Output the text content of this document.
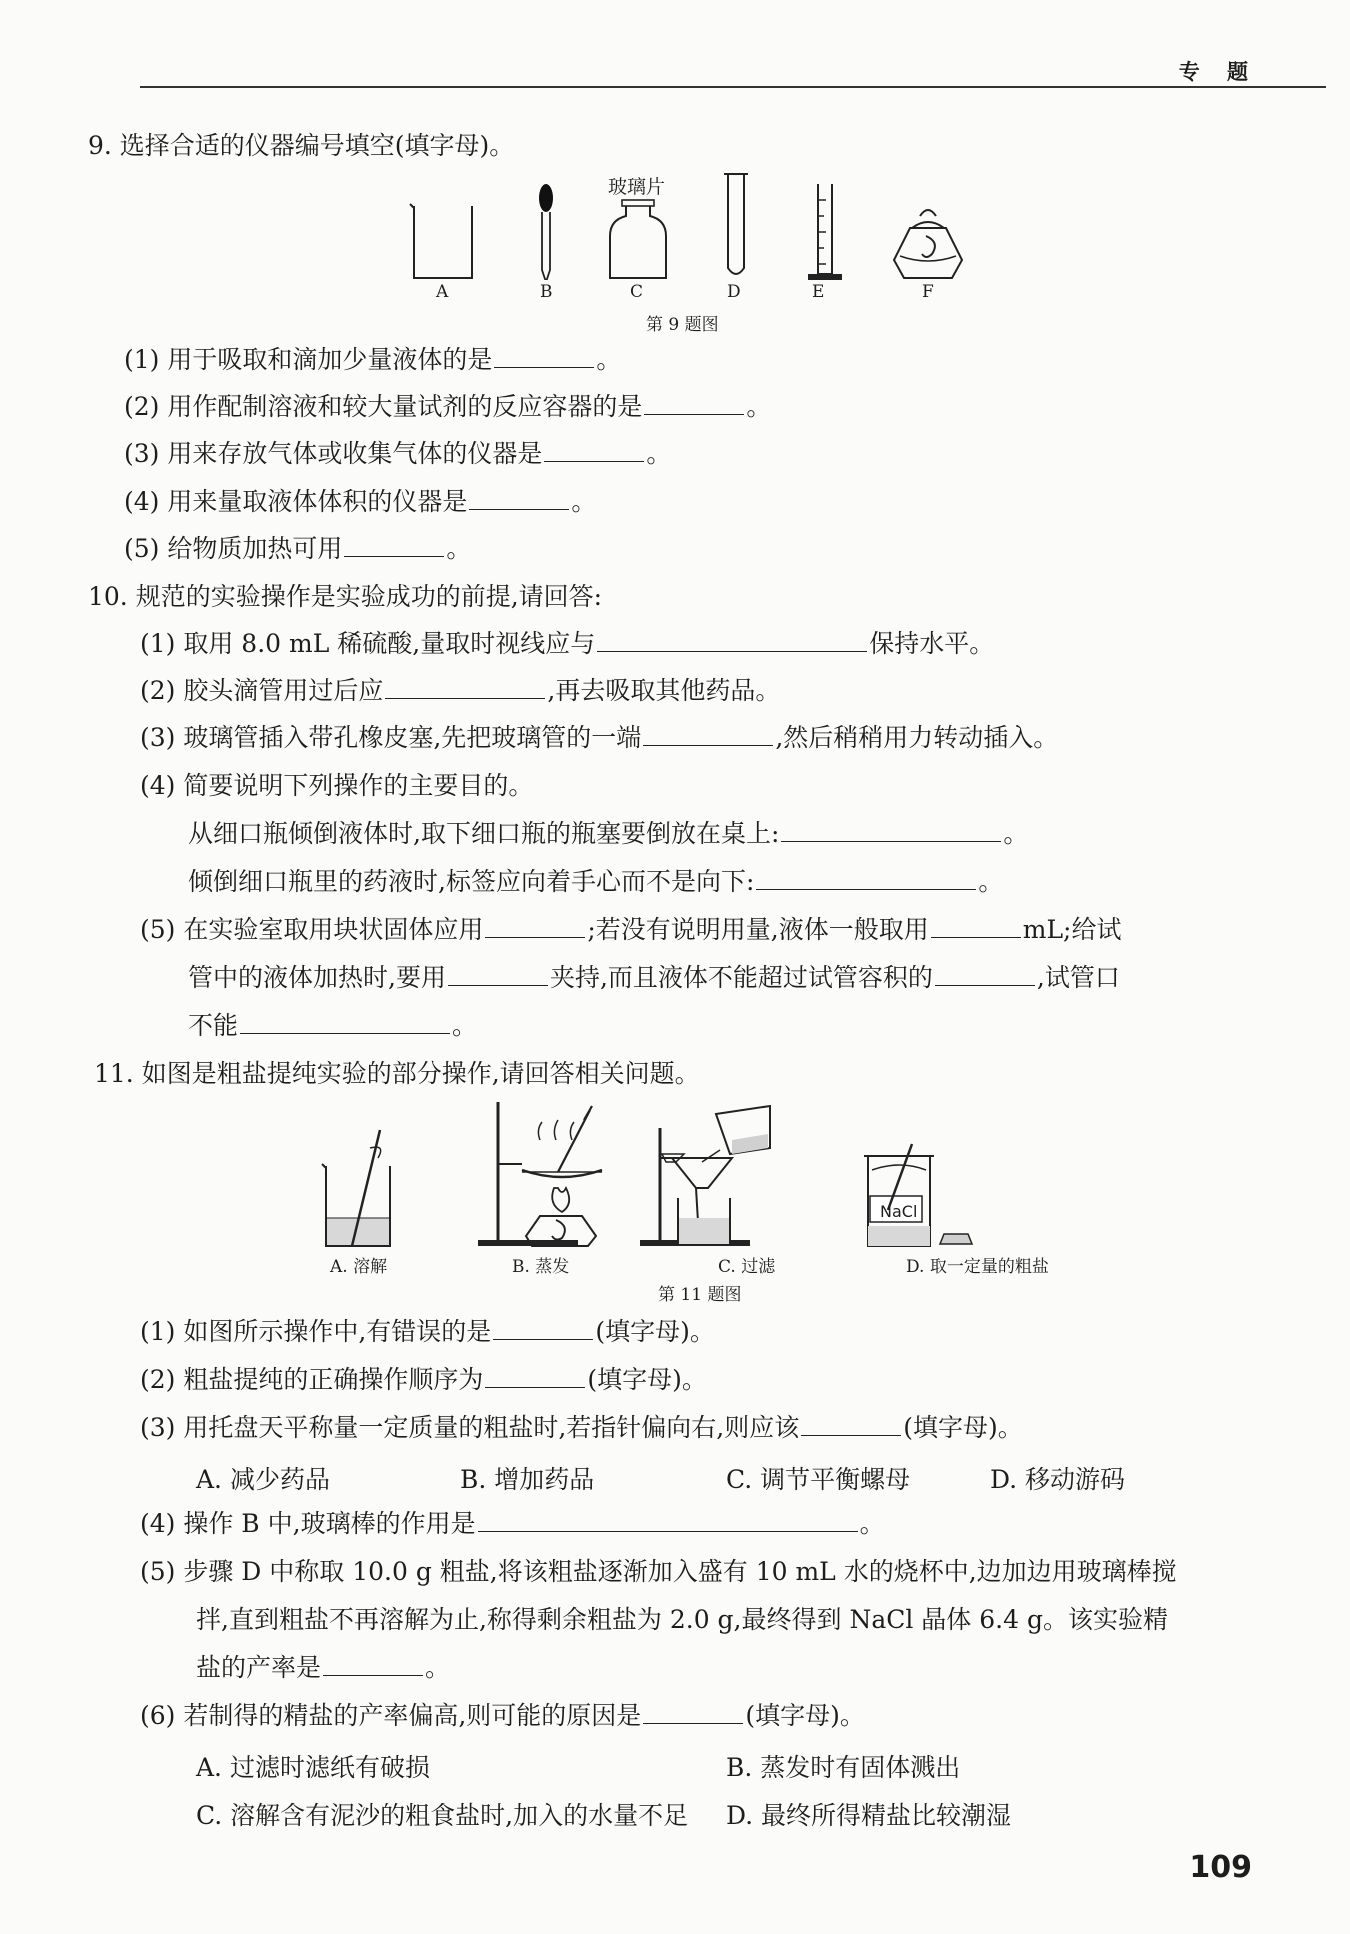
专 题
9. 选择合适的仪器编号填空(填字母)。
玻璃片
A	B	C	D	E	F
第 9 题图
(1) 用于吸取和滴加少量液体的是	。
(2) 用作配制溶液和较大量试剂的反应容器的是	。
(3) 用来存放气体或收集气体的仪器是	。
(4) 用来量取液体体积的仪器是	。
(5) 给物质加热可用	。
10. 规范的实验操作是实验成功的前提,请回答:
(1) 取用 8.0 mL 稀硫酸,量取时视线应与	保持水平。
(2) 胶头滴管用过后应	,再去吸取其他药品。
(3) 玻璃管插入带孔橡皮塞,先把玻璃管的一端	,然后稍稍用力转动插入。
(4) 简要说明下列操作的主要目的。
从细口瓶倾倒液体时,取下细口瓶的瓶塞要倒放在桌上:	。
倾倒细口瓶里的药液时,标签应向着手心而不是向下:	。
(5) 在实验室取用块状固体应用	;若没有说明用量,液体一般取用	mL;给试
管中的液体加热时,要用	夹持,而且液体不能超过试管容积的	,试管口
不能	。
11. 如图是粗盐提纯实验的部分操作,请回答相关问题。
NaCl
A. 溶解	B. 蒸发	C. 过滤	D. 取一定量的粗盐
第 11 题图
(1) 如图所示操作中,有错误的是	(填字母)。
(2) 粗盐提纯的正确操作顺序为	(填字母)。
(3) 用托盘天平称量一定质量的粗盐时,若指针偏向右,则应该	(填字母)。
A. 减少药品	B. 增加药品	C. 调节平衡螺母	D. 移动游码
(4) 操作 B 中,玻璃棒的作用是	。
(5) 步骤 D 中称取 10.0 g 粗盐,将该粗盐逐渐加入盛有 10 mL 水的烧杯中,边加边用玻璃棒搅
拌,直到粗盐不再溶解为止,称得剩余粗盐为 2.0 g,最终得到 NaCl 晶体 6.4 g。该实验精
盐的产率是	。
(6) 若制得的精盐的产率偏高,则可能的原因是	(填字母)。
A. 过滤时滤纸有破损	B. 蒸发时有固体溅出
C. 溶解含有泥沙的粗食盐时,加入的水量不足 D. 最终所得精盐比较潮湿
109
